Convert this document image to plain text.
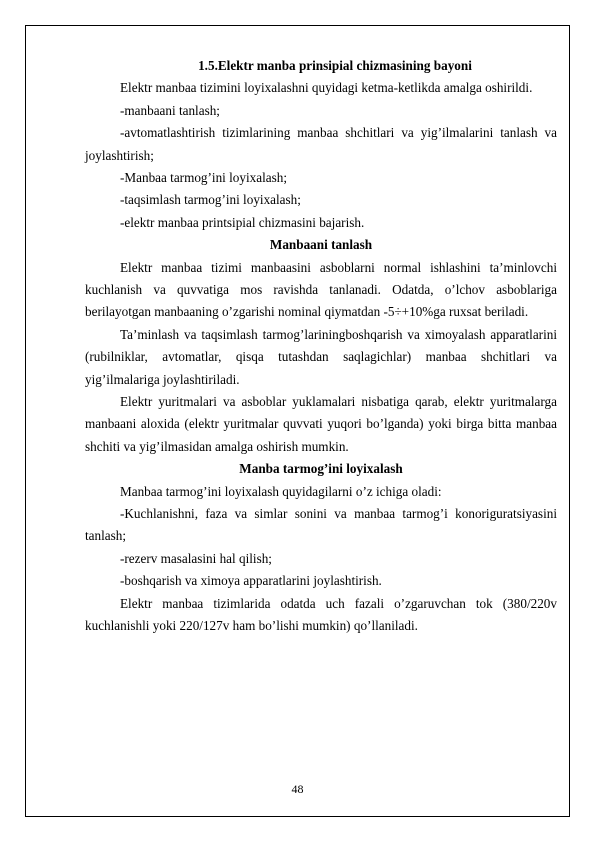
1.5.Elektr manba prinsipial chizmasining bayoni

Elektr manbaa tizimini loyixalashni quyidagi ketma-ketlikda amalga oshirildi.

-manbaani tanlash;

-avtomatlashtirish tizimlarining manbaa shchitlari va yig’ilmalarini tanlash va joylashtirish;

-Manbaa tarmog’ini loyixalash;

-taqsimlash tarmog’ini loyixalash;

-elektr manbaa printsipial chizmasini bajarish.

Manbaani tanlash

Elektr manbaa tizimi manbaasini asboblarni normal ishlashini ta’minlovchi kuchlanish va quvvatiga mos ravishda tanlanadi. Odatda, o’lchov asboblariga berilayotgan manbaaning o’zgarishi nominal qiymatdan -5÷+10%ga ruxsat beriladi.

Ta’minlash va taqsimlash tarmog’lariningboshqarish va ximoyalash apparatlarini (rubilniklar, avtomatlar, qisqa tutashdan saqlagichlar) manbaa shchitlari va yig’ilmalariga joylashtiriladi.

Elektr yuritmalari va asboblar yuklamalari nisbatiga qarab, elektr yuritmalarga manbaani aloxida (elektr yuritmalar quvvati yuqori bo’lganda) yoki birga bitta manbaa shchiti va yig’ilmasidan amalga oshirish mumkin.

Manba tarmog’ini loyixalash

Manbaa tarmog’ini loyixalash quyidagilarni o’z ichiga oladi:

-Kuchlanishni, faza va simlar sonini va manbaa tarmog’i konoriguratsiyasini tanlash;

-rezerv masalasini hal qilish;

-boshqarish va ximoya apparatlarini joylashtirish.

Elektr manbaa tizimlarida odatda uch fazali o’zgaruvchan tok (380/220v kuchlanishli yoki 220/127v ham bo’lishi mumkin) qo’llaniladi.

48
